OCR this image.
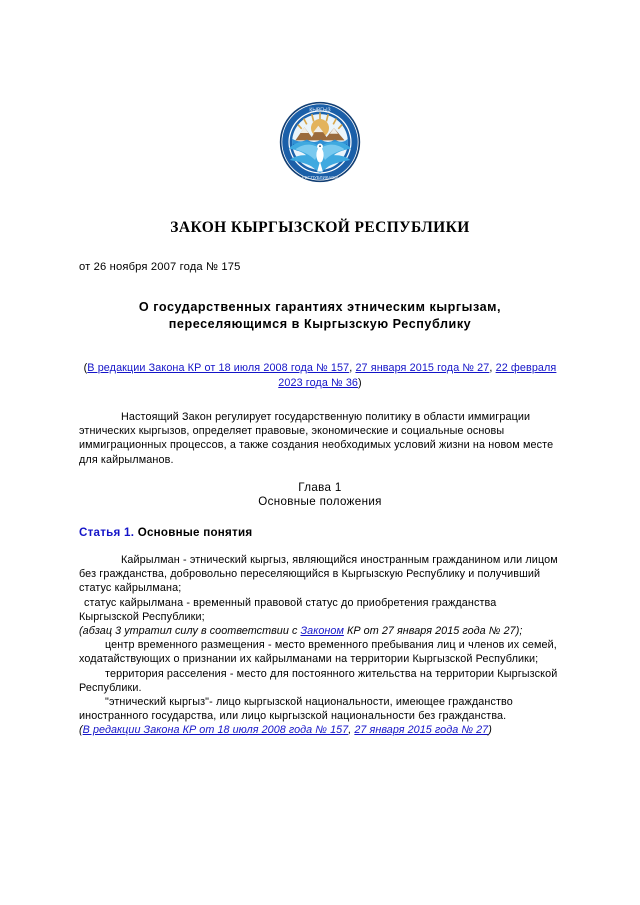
КЫРГЫЗ
РЕСПУБЛИКАСЫ
ЗАКОН КЫРГЫЗСКОЙ РЕСПУБЛИКИ

от 26 ноября 2007 года № 175

О государственных гарантиях этническим кыргызам,
переселяющимся в Кыргызскую Республику

(В редакции Закона КР от 18 июля 2008 года № 157, 27 января 2015 года № 27, 22 февраля 2023 года № 36)

Настоящий Закон регулирует государственную политику в области иммиграции этнических кыргызов, определяет правовые, экономические и социальные основы иммиграционных процессов, а также создания необходимых условий жизни на новом месте для кайрылманов.

Глава 1

Основные положения

Статья 1. Основные понятия

Кайрылман - этнический кыргыз, являющийся иностранным гражданином или лицом без гражданства, добровольно переселяющийся в Кыргызскую Республику и получивший статус кайрылмана;

статус кайрылмана - временный правовой статус до приобретения гражданства Кыргызской Республики;

(абзац 3 утратил силу в соответствии с Законом КР от 27 января 2015 года № 27);

центр временного размещения - место временного пребывания лиц и членов их семей, ходатайствующих о признании их кайрылманами на территории Кыргызской Республики;

территория расселения - место для постоянного жительства на территории Кыргызской Республики.

"этнический кыргыз"- лицо кыргызской национальности, имеющее гражданство иностранного государства, или лицо кыргызской национальности без гражданства.

(В редакции Закона КР от 18 июля 2008 года № 157, 27 января 2015 года № 27)
